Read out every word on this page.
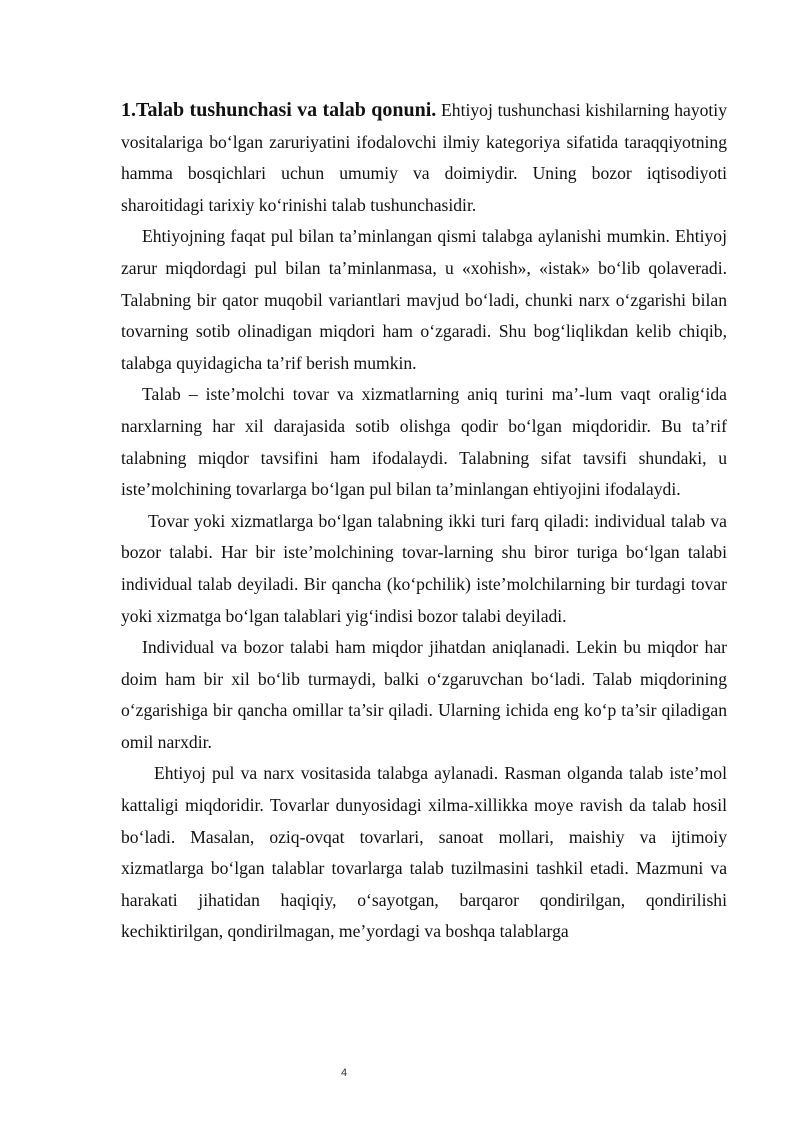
1.Talab tushunchasi va talab qonuni. Ehtiyoj tushunchasi kishilarning hayotiy vositalariga bo‘lgan zaruriyatini ifodalovchi ilmiy kategoriya sifatida taraqqiyotning hamma bosqichlari uchun umumiy va doimiydir. Uning bozor iqtisodiyoti sharoitidagi tarixiy ko‘rinishi talab tushunchasidir.

Ehtiyojning faqat pul bilan ta’minlangan qismi talabga aylanishi mumkin. Ehtiyoj zarur miqdordagi pul bilan ta’minlanmasa, u «xohish», «istak» bo‘lib qolaveradi. Talabning bir qator muqobil variantlari mavjud bo‘ladi, chunki narx o‘zgarishi bilan tovarning sotib olinadigan miqdori ham o‘zgaradi. Shu bog‘liqlikdan kelib chiqib, talabga quyidagicha ta’rif berish mumkin.

Talab – iste’molchi tovar va xizmatlarning aniq turini ma’-lum vaqt oralig‘ida narxlarning har xil darajasida sotib olishga qodir bo‘lgan miqdoridir. Bu ta’rif talabning miqdor tavsifini ham ifodalaydi. Talabning sifat tavsifi shundaki, u iste’molchining tovarlarga bo‘lgan pul bilan ta’minlangan ehtiyojini ifodalaydi.

Tovar yoki xizmatlarga bo‘lgan talabning ikki turi farq qiladi: individual talab va bozor talabi. Har bir iste’molchining tovar-larning shu biror turiga bo‘lgan talabi individual talab deyiladi. Bir qancha (ko‘pchilik) iste’molchilarning bir turdagi tovar yoki xizmatga bo‘lgan talablari yig‘indisi bozor talabi deyiladi.

Individual va bozor talabi ham miqdor jihatdan aniqlanadi. Lekin bu miqdor har doim ham bir xil bo‘lib turmaydi, balki o‘zgaruvchan bo‘ladi. Talab miqdorining o‘zgarishiga bir qancha omillar ta’sir qiladi. Ularning ichida eng ko‘p ta’sir qiladigan omil narxdir.

Ehtiyoj pul va narx vositasida talabga aylanadi. Rasman olganda talab iste’mol kattaligi miqdoridir. Tovarlar dunyosidagi xilma-xillikka moye ravish da talab hosil bo‘ladi. Masalan, oziq-ovqat tovarlari, sanoat mollari, maishiy va ijtimoiy xizmatlarga bo‘lgan talablar tovarlarga talab tuzilmasini tashkil etadi. Mazmuni va harakati jihatidan haqiqiy, o‘sayotgan, barqaror qondirilgan, qondirilishi kechiktirilgan, qondirilmagan, me’yordagi va boshqa talablarga

4
